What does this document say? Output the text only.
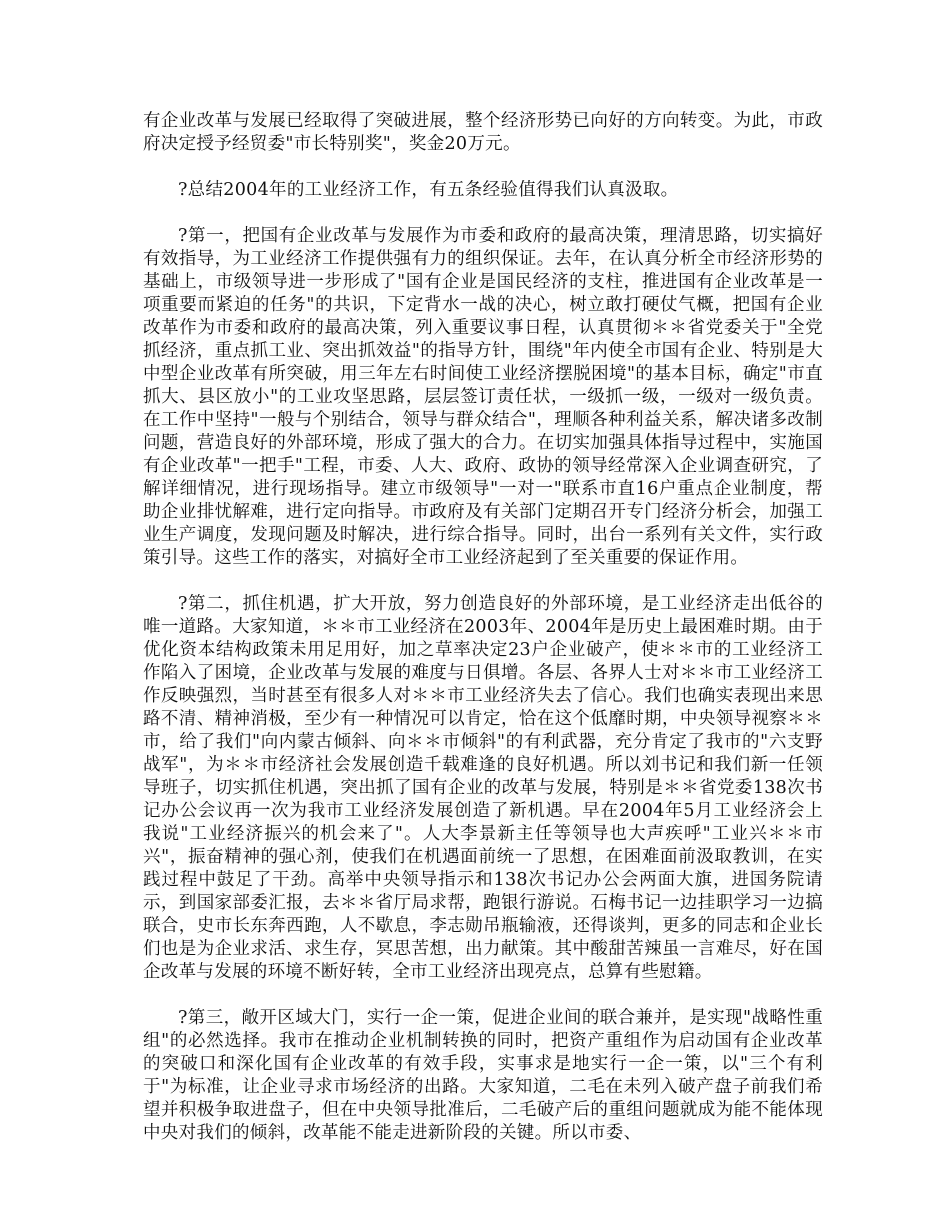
有企业改革与发展已经取得了突破进展，整个经济形势已向好的方向转变。为此，市政府决定授予经贸委"市长特别奖"，奖金20万元。

?总结2004年的工业经济工作，有五条经验值得我们认真汲取。

?第一，把国有企业改革与发展作为市委和政府的最高决策，理清思路，切实搞好有效指导，为工业经济工作提供强有力的组织保证。去年，在认真分析全市经济形势的基础上，市级领导进一步形成了"国有企业是国民经济的支柱，推进国有企业改革是一项重要而紧迫的任务"的共识，下定背水一战的决心，树立敢打硬仗气概，把国有企业改革作为市委和政府的最高决策，列入重要议事日程，认真贯彻＊＊省党委关于"全党抓经济，重点抓工业、突出抓效益"的指导方针，围绕"年内使全市国有企业、特别是大中型企业改革有所突破，用三年左右时间使工业经济摆脱困境"的基本目标，确定"市直抓大、县区放小"的工业攻坚思路，层层签订责任状，一级抓一级，一级对一级负责。在工作中坚持"一般与个别结合，领导与群众结合"，理顺各种利益关系，解决诸多改制问题，营造良好的外部环境，形成了强大的合力。在切实加强具体指导过程中，实施国有企业改革"一把手"工程，市委、人大、政府、政协的领导经常深入企业调查研究，了解详细情况，进行现场指导。建立市级领导"一对一"联系市直16户重点企业制度，帮助企业排忧解难，进行定向指导。市政府及有关部门定期召开专门经济分析会，加强工业生产调度，发现问题及时解决，进行综合指导。同时，出台一系列有关文件，实行政策引导。这些工作的落实，对搞好全市工业经济起到了至关重要的保证作用。

?第二，抓住机遇，扩大开放，努力创造良好的外部环境，是工业经济走出低谷的唯一道路。大家知道，＊＊市工业经济在2003年、2004年是历史上最困难时期。由于优化资本结构政策未用足用好，加之草率决定23户企业破产，使＊＊市的工业经济工作陷入了困境，企业改革与发展的难度与日俱增。各层、各界人士对＊＊市工业经济工作反映强烈，当时甚至有很多人对＊＊市工业经济失去了信心。我们也确实表现出来思路不清、精神消极，至少有一种情况可以肯定，恰在这个低靡时期，中央领导视察＊＊市，给了我们"向内蒙古倾斜、向＊＊市倾斜"的有利武器，充分肯定了我市的"六支野战军"，为＊＊市经济社会发展创造千载难逢的良好机遇。所以刘书记和我们新一任领导班子，切实抓住机遇，突出抓了国有企业的改革与发展，特别是＊＊省党委138次书记办公会议再一次为我市工业经济发展创造了新机遇。早在2004年5月工业经济会上我说"工业经济振兴的机会来了"。人大李景新主任等领导也大声疾呼"工业兴＊＊市兴"，振奋精神的强心剂，使我们在机遇面前统一了思想，在困难面前汲取教训，在实践过程中鼓足了干劲。高举中央领导指示和138次书记办公会两面大旗，进国务院请示，到国家部委汇报，去＊＊省厅局求帮，跑银行游说。石梅书记一边挂职学习一边搞联合，史市长东奔西跑，人不歇息，李志勋吊瓶输液，还得谈判，更多的同志和企业长们也是为企业求活、求生存，冥思苦想，出力献策。其中酸甜苦辣虽一言难尽，好在国企改革与发展的环境不断好转，全市工业经济出现亮点，总算有些慰籍。

?第三，敞开区域大门，实行一企一策，促进企业间的联合兼并，是实现"战略性重组"的必然选择。我市在推动企业机制转换的同时，把资产重组作为启动国有企业改革的突破口和深化国有企业改革的有效手段，实事求是地实行一企一策，以"三个有利于"为标准，让企业寻求市场经济的出路。大家知道，二毛在未列入破产盘子前我们希望并积极争取进盘子，但在中央领导批准后，二毛破产后的重组问题就成为能不能体现中央对我们的倾斜，改革能不能走进新阶段的关键。所以市委、
